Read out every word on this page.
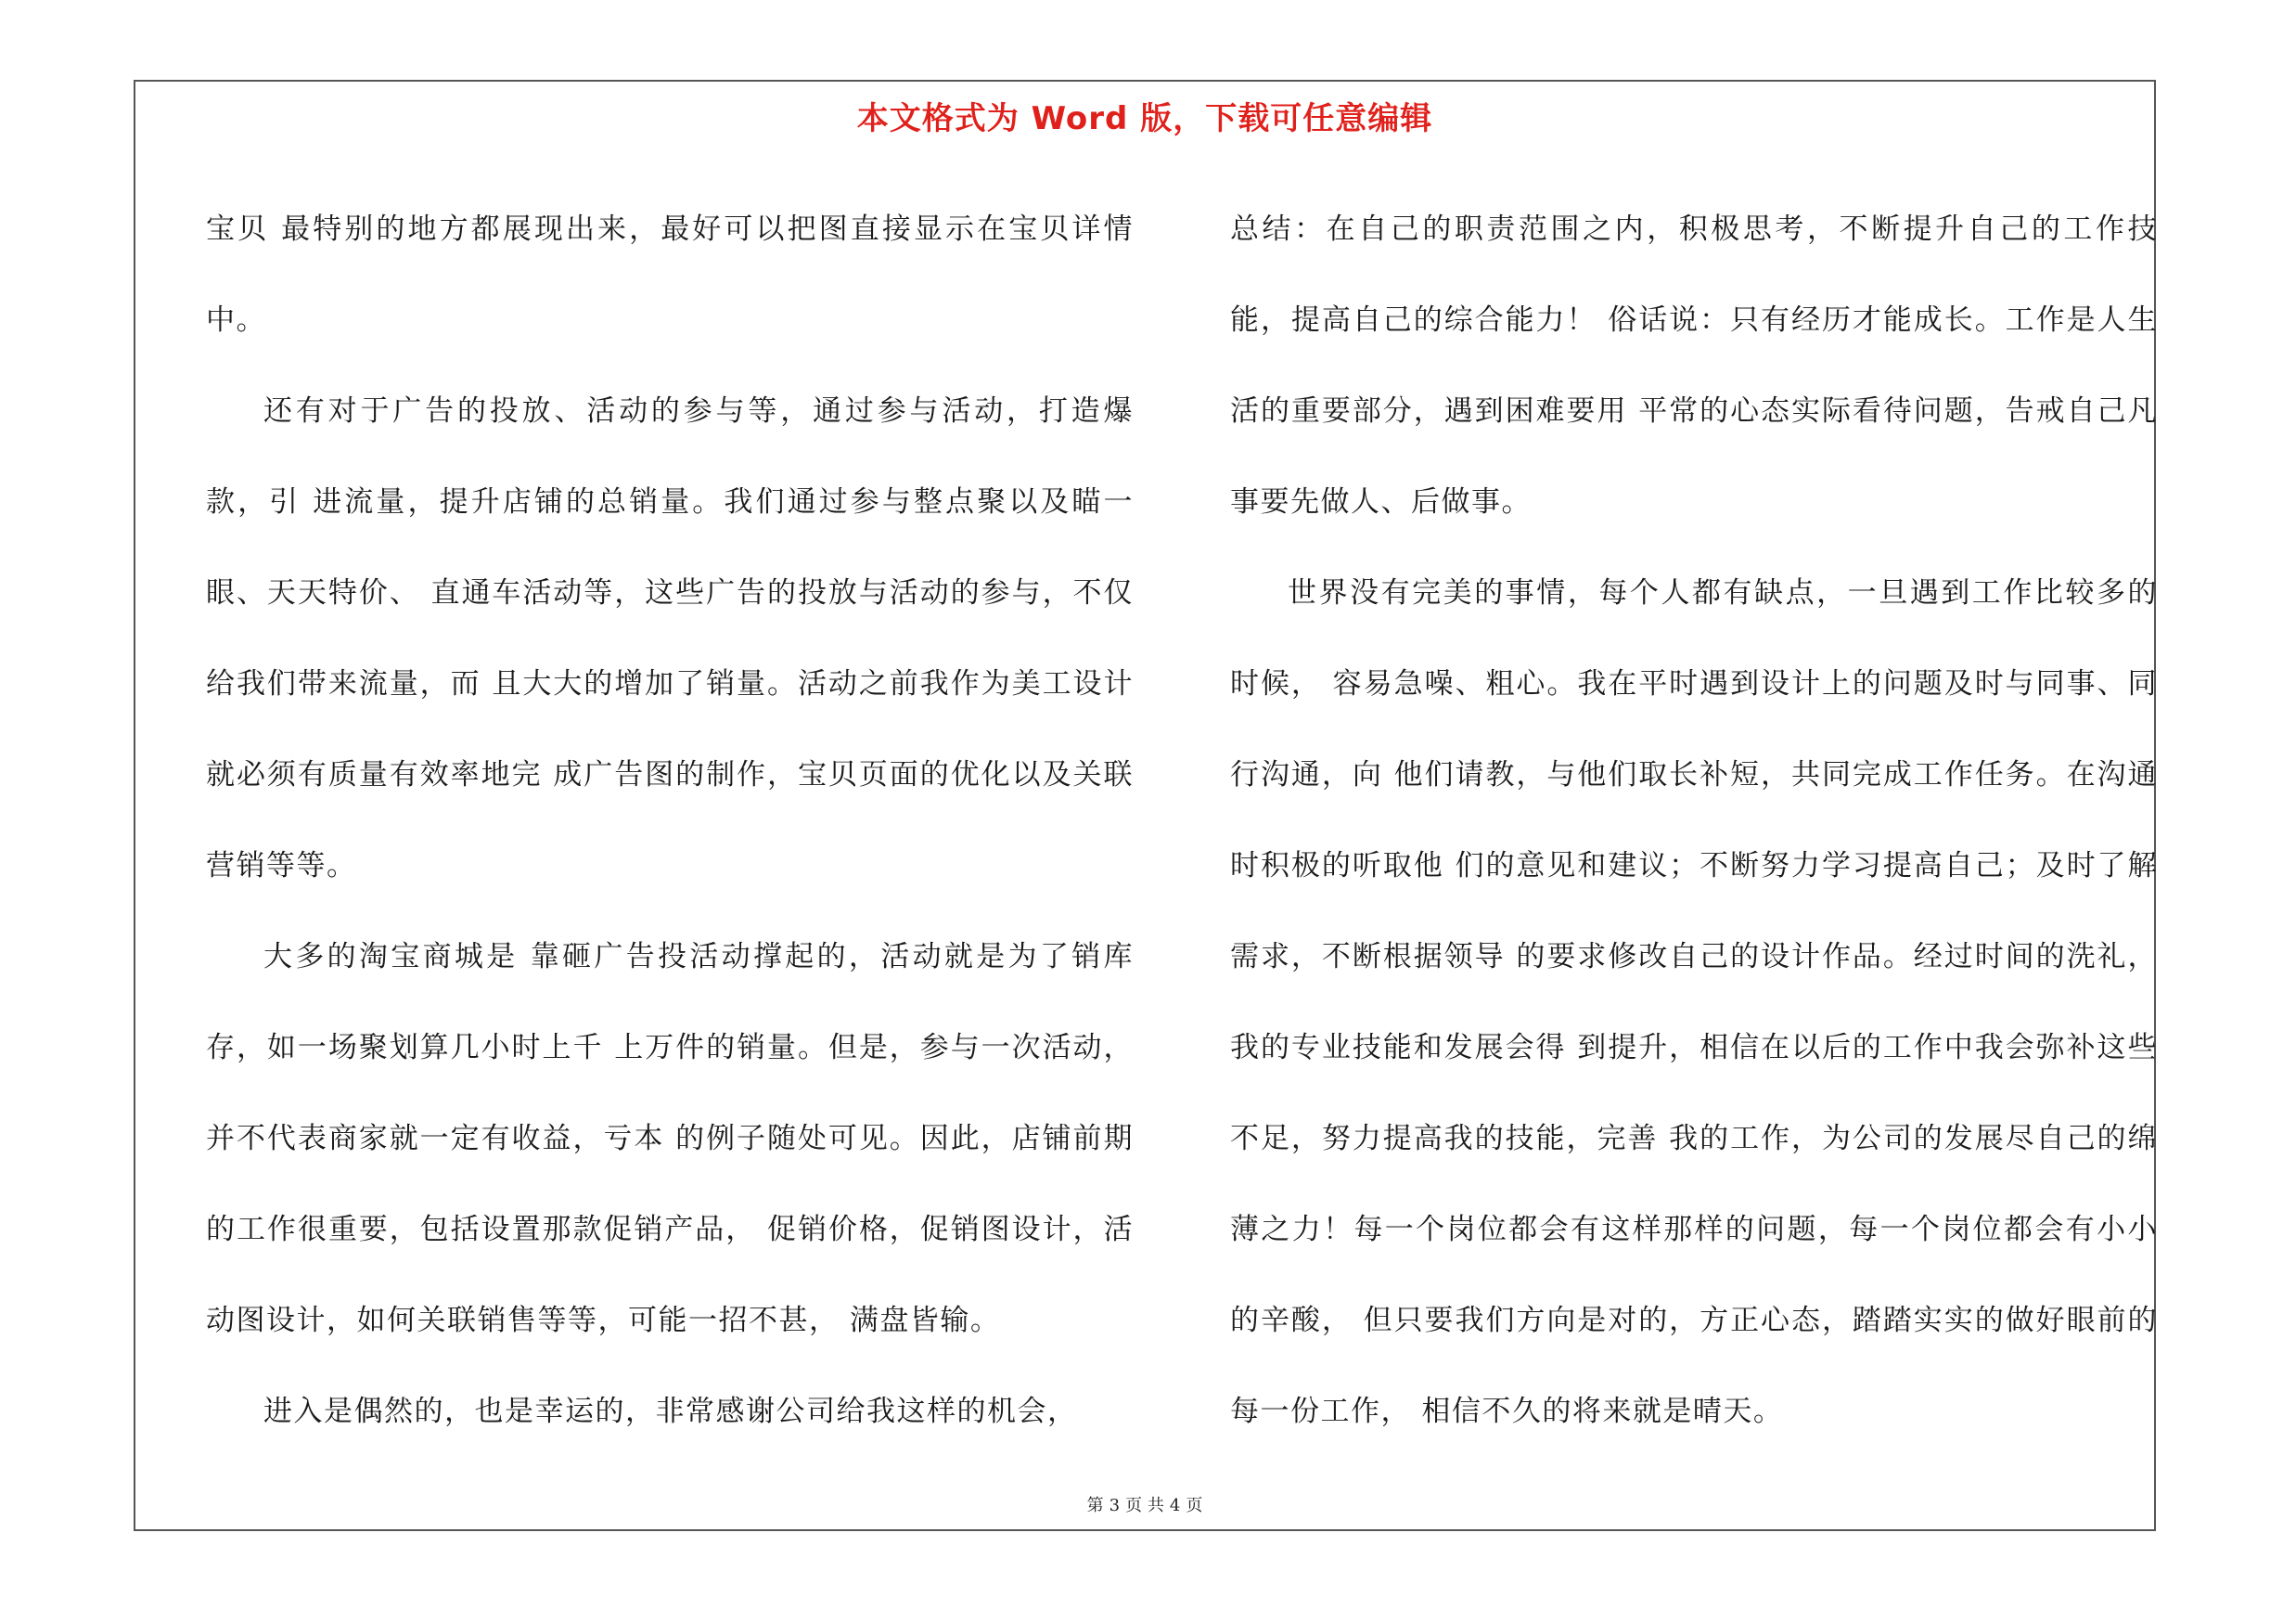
本文格式为 Word 版，下载可任意编辑

宝贝 最特别的地方都展现出来，最好可以把图直接显示在宝贝详情中。

还有对于广告的投放、活动的参与等，通过参与活动，打造爆款，引 进流量，提升店铺的总销量。我们通过参与整点聚以及瞄一眼、天天特价、 直通车活动等，这些广告的投放与活动的参与，不仅给我们带来流量，而 且大大的增加了销量。活动之前我作为美工设计就必须有质量有效率地完 成广告图的制作，宝贝页面的优化以及关联营销等等。

大多的淘宝商城是 靠砸广告投活动撑起的，活动就是为了销库存，如一场聚划算几小时上千 上万件的销量。但是，参与一次活动，并不代表商家就一定有收益，亏本 的例子随处可见。因此，店铺前期的工作很重要，包括设置那款促销产品， 促销价格，促销图设计，活动图设计，如何关联销售等等，可能一招不甚， 满盘皆输。

进入是偶然的，也是幸运的，非常感谢公司给我这样的机会，

总结：在自己的职责范围之内，积极思考，不断提升自己的工作技能，提高自己的综合能力！ 俗话说：只有经历才能成长。工作是人生活的重要部分，遇到困难要用 平常的心态实际看待问题，告戒自己凡事要先做人、后做事。

世界没有完美的事情，每个人都有缺点，一旦遇到工作比较多的时候， 容易急噪、粗心。我在平时遇到设计上的问题及时与同事、同行沟通，向 他们请教，与他们取长补短，共同完成工作任务。在沟通时积极的听取他 们的意见和建议；不断努力学习提高自己；及时了解需求，不断根据领导 的要求修改自己的设计作品。经过时间的洗礼，我的专业技能和发展会得 到提升，相信在以后的工作中我会弥补这些不足，努力提高我的技能，完善 我的工作，为公司的发展尽自己的绵薄之力！每一个岗位都会有这样那样的问题，每一个岗位都会有小小的辛酸， 但只要我们方向是对的，方正心态，踏踏实实的做好眼前的每一份工作， 相信不久的将来就是晴天。

第 3 页 共 4 页
